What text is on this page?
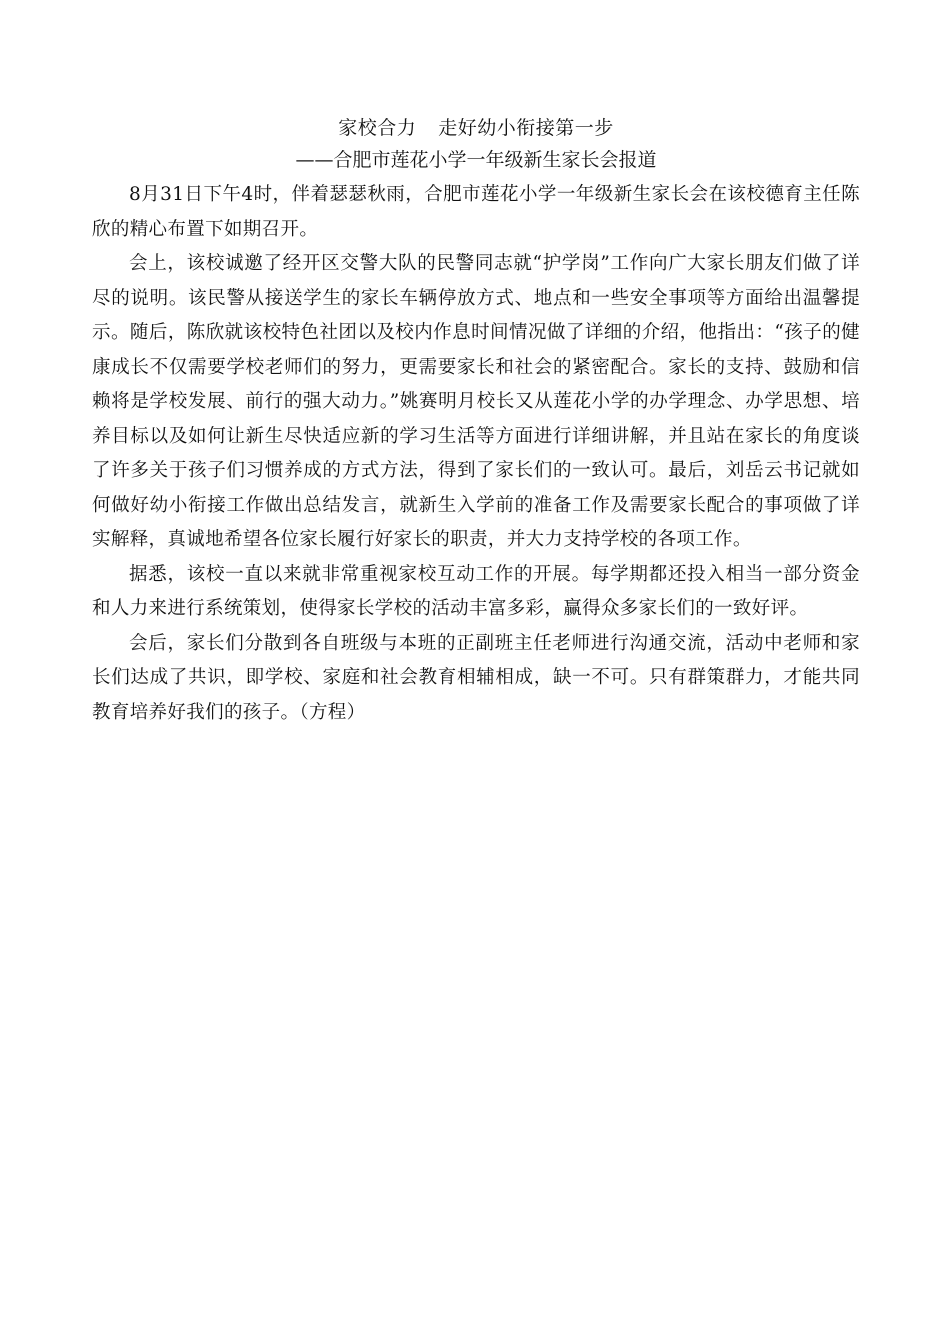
家校合力 走好幼小衔接第一步
——合肥市莲花小学一年级新生家长会报道

8月31日下午4时，伴着瑟瑟秋雨，合肥市莲花小学一年级新生家长会在该校德育主任陈欣的精心布置下如期召开。

会上，该校诚邀了经开区交警大队的民警同志就“护学岗”工作向广大家长朋友们做了详尽的说明。该民警从接送学生的家长车辆停放方式、地点和一些安全事项等方面给出温馨提示。随后，陈欣就该校特色社团以及校内作息时间情况做了详细的介绍，他指出：“孩子的健康成长不仅需要学校老师们的努力，更需要家长和社会的紧密配合。家长的支持、鼓励和信赖将是学校发展、前行的强大动力。”姚赛明月校长又从莲花小学的办学理念、办学思想、培养目标以及如何让新生尽快适应新的学习生活等方面进行详细讲解，并且站在家长的角度谈了许多关于孩子们习惯养成的方式方法，得到了家长们的一致认可。最后，刘岳云书记就如何做好幼小衔接工作做出总结发言，就新生入学前的准备工作及需要家长配合的事项做了详实解释，真诚地希望各位家长履行好家长的职责，并大力支持学校的各项工作。

据悉，该校一直以来就非常重视家校互动工作的开展。每学期都还投入相当一部分资金和人力来进行系统策划，使得家长学校的活动丰富多彩，赢得众多家长们的一致好评。

会后，家长们分散到各自班级与本班的正副班主任老师进行沟通交流，活动中老师和家长们达成了共识，即学校、家庭和社会教育相辅相成，缺一不可。只有群策群力，才能共同教育培养好我们的孩子。（方程）
